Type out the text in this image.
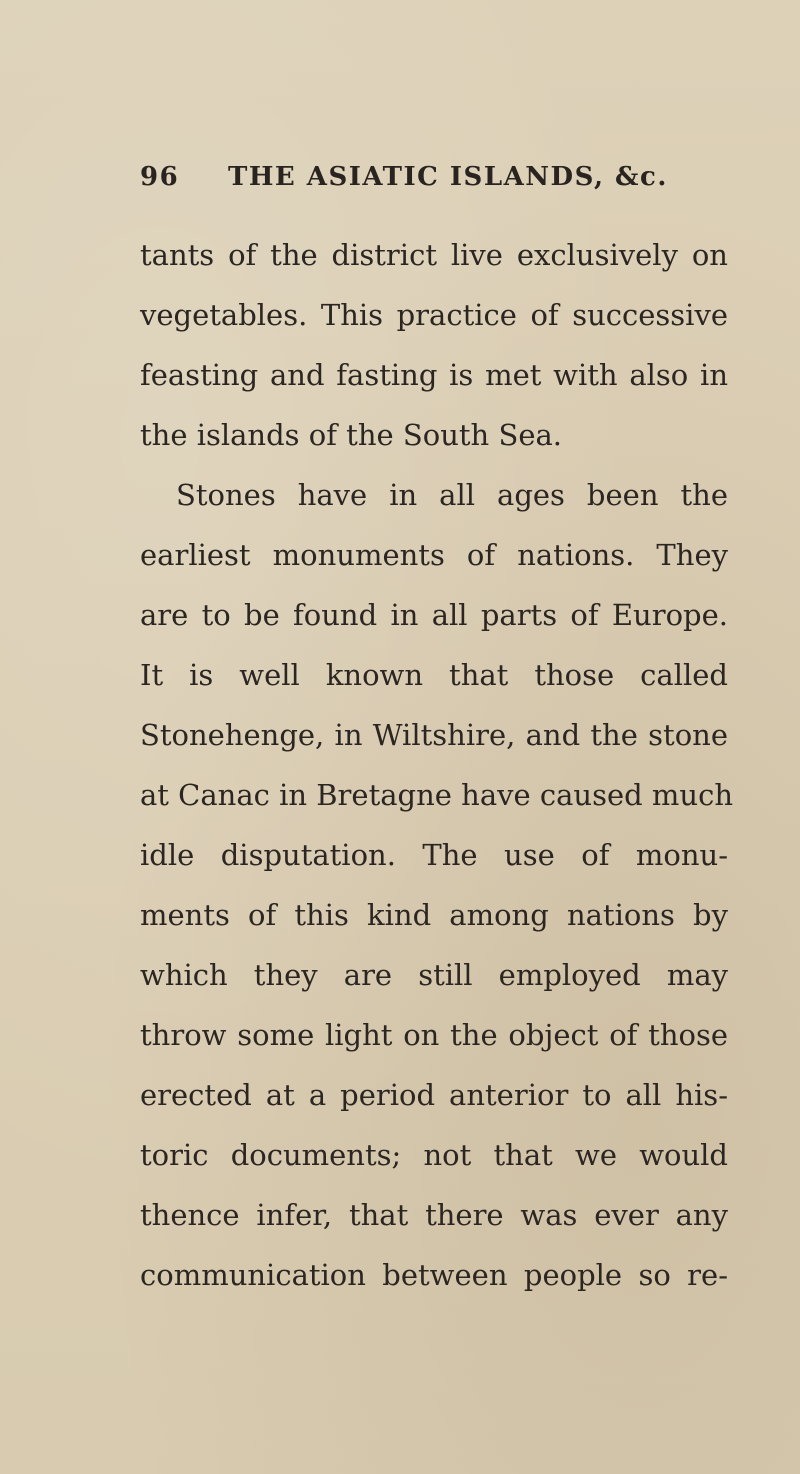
96 THE ASIATIC ISLANDS, &c.
tants of the district live exclusively on
vegetables. This practice of successive
feasting and fasting is met with also in
the islands of the South Sea.
Stones have in all ages been the
earliest monuments of nations. They
are to be found in all parts of Europe.
It is well known that those called
Stonehenge, in Wiltshire, and the stone
at Canac in Bretagne have caused much
idle disputation. The use of monu-
ments of this kind among nations by
which they are still employed may
throw some light on the object of those
erected at a period anterior to all his-
toric documents; not that we would
thence infer, that there was ever any
communication between people so re-
